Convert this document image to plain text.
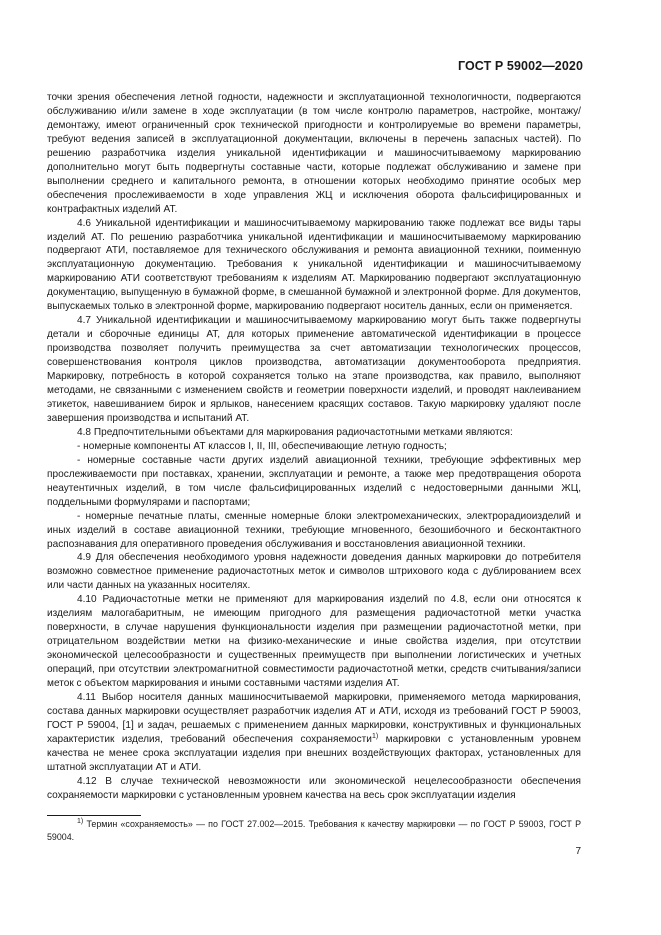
ГОСТ Р 59002—2020

точки зрения обеспечения летной годности, надежности и эксплуатационной технологичности, подвергаются обслуживанию и/или замене в ходе эксплуатации (в том числе контролю параметров, настройке, монтажу/демонтажу, имеют ограниченный срок технической пригодности и контролируемые во времени параметры, требуют ведения записей в эксплуатационной документации, включены в перечень запасных частей). По решению разработчика изделия уникальной идентификации и машиносчитываемому маркированию дополнительно могут быть подвергнуты составные части, которые подлежат обслуживанию и замене при выполнении среднего и капитального ремонта, в отношении которых необходимо принятие особых мер обеспечения прослеживаемости в ходе управления ЖЦ и исключения оборота фальсифицированных и контрафактных изделий АТ.

4.6 Уникальной идентификации и машиносчитываемому маркированию также подлежат все виды тары изделий АТ. По решению разработчика уникальной идентификации и машиносчитываемому маркированию подвергают АТИ, поставляемое для технического обслуживания и ремонта авиационной техники, поименную эксплуатационную документацию. Требования к уникальной идентификации и машиносчитываемому маркированию АТИ соответствуют требованиям к изделиям АТ. Маркированию подвергают эксплуатационную документацию, выпущенную в бумажной форме, в смешанной бумажной и электронной форме. Для документов, выпускаемых только в электронной форме, маркированию подвергают носитель данных, если он применяется.

4.7 Уникальной идентификации и машиносчитываемому маркированию могут быть также подвергнуты детали и сборочные единицы АТ, для которых применение автоматической идентификации в процессе производства позволяет получить преимущества за счет автоматизации технологических процессов, совершенствования контроля циклов производства, автоматизации документооборота предприятия. Маркировку, потребность в которой сохраняется только на этапе производства, как правило, выполняют методами, не связанными с изменением свойств и геометрии поверхности изделий, и проводят наклеиванием этикеток, навешиванием бирок и ярлыков, нанесением красящих составов. Такую маркировку удаляют после завершения производства и испытаний АТ.

4.8 Предпочтительными объектами для маркирования радиочастотными метками являются:

- номерные компоненты АТ классов I, II, III, обеспечивающие летную годность;

- номерные составные части других изделий авиационной техники, требующие эффективных мер прослеживаемости при поставках, хранении, эксплуатации и ремонте, а также мер предотвращения оборота неаутентичных изделий, в том числе фальсифицированных изделий с недостоверными данными ЖЦ, поддельными формулярами и паспортами;

- номерные печатные платы, сменные номерные блоки электромеханических, электрорадиоизделий и иных изделий в составе авиационной техники, требующие мгновенного, безошибочного и бесконтактного распознавания для оперативного проведения обслуживания и восстановления авиационной техники.

4.9 Для обеспечения необходимого уровня надежности доведения данных маркировки до потребителя возможно совместное применение радиочастотных меток и символов штрихового кода с дублированием всех или части данных на указанных носителях.

4.10 Радиочастотные метки не применяют для маркирования изделий по 4.8, если они относятся к изделиям малогабаритным, не имеющим пригодного для размещения радиочастотной метки участка поверхности, в случае нарушения функциональности изделия при размещении радиочастотной метки, при отрицательном воздействии метки на физико-механические и иные свойства изделия, при отсутствии экономической целесообразности и существенных преимуществ при выполнении логистических и учетных операций, при отсутствии электромагнитной совместимости радиочастотной метки, средств считывания/записи меток с объектом маркирования и иными составными частями изделия АТ.

4.11 Выбор носителя данных машиносчитываемой маркировки, применяемого метода маркирования, состава данных маркировки осуществляет разработчик изделия АТ и АТИ, исходя из требований ГОСТ Р 59003, ГОСТ Р 59004, [1] и задач, решаемых с применением данных маркировки, конструктивных и функциональных характеристик изделия, требований обеспечения сохраняемости$^{1)}$ маркировки с установленным уровнем качества не менее срока эксплуатации изделия при внешних воздействующих факторах, установленных для штатной эксплуатации АТ и АТИ.

4.12 В случае технической невозможности или экономической нецелесообразности обеспечения сохраняемости маркировки с установленным уровнем качества на весь срок эксплуатации изделия

$^{1)}$ Термин «сохраняемость» — по ГОСТ 27.002—2015. Требования к качеству маркировки — по ГОСТ Р 59003, ГОСТ Р 59004.
7
